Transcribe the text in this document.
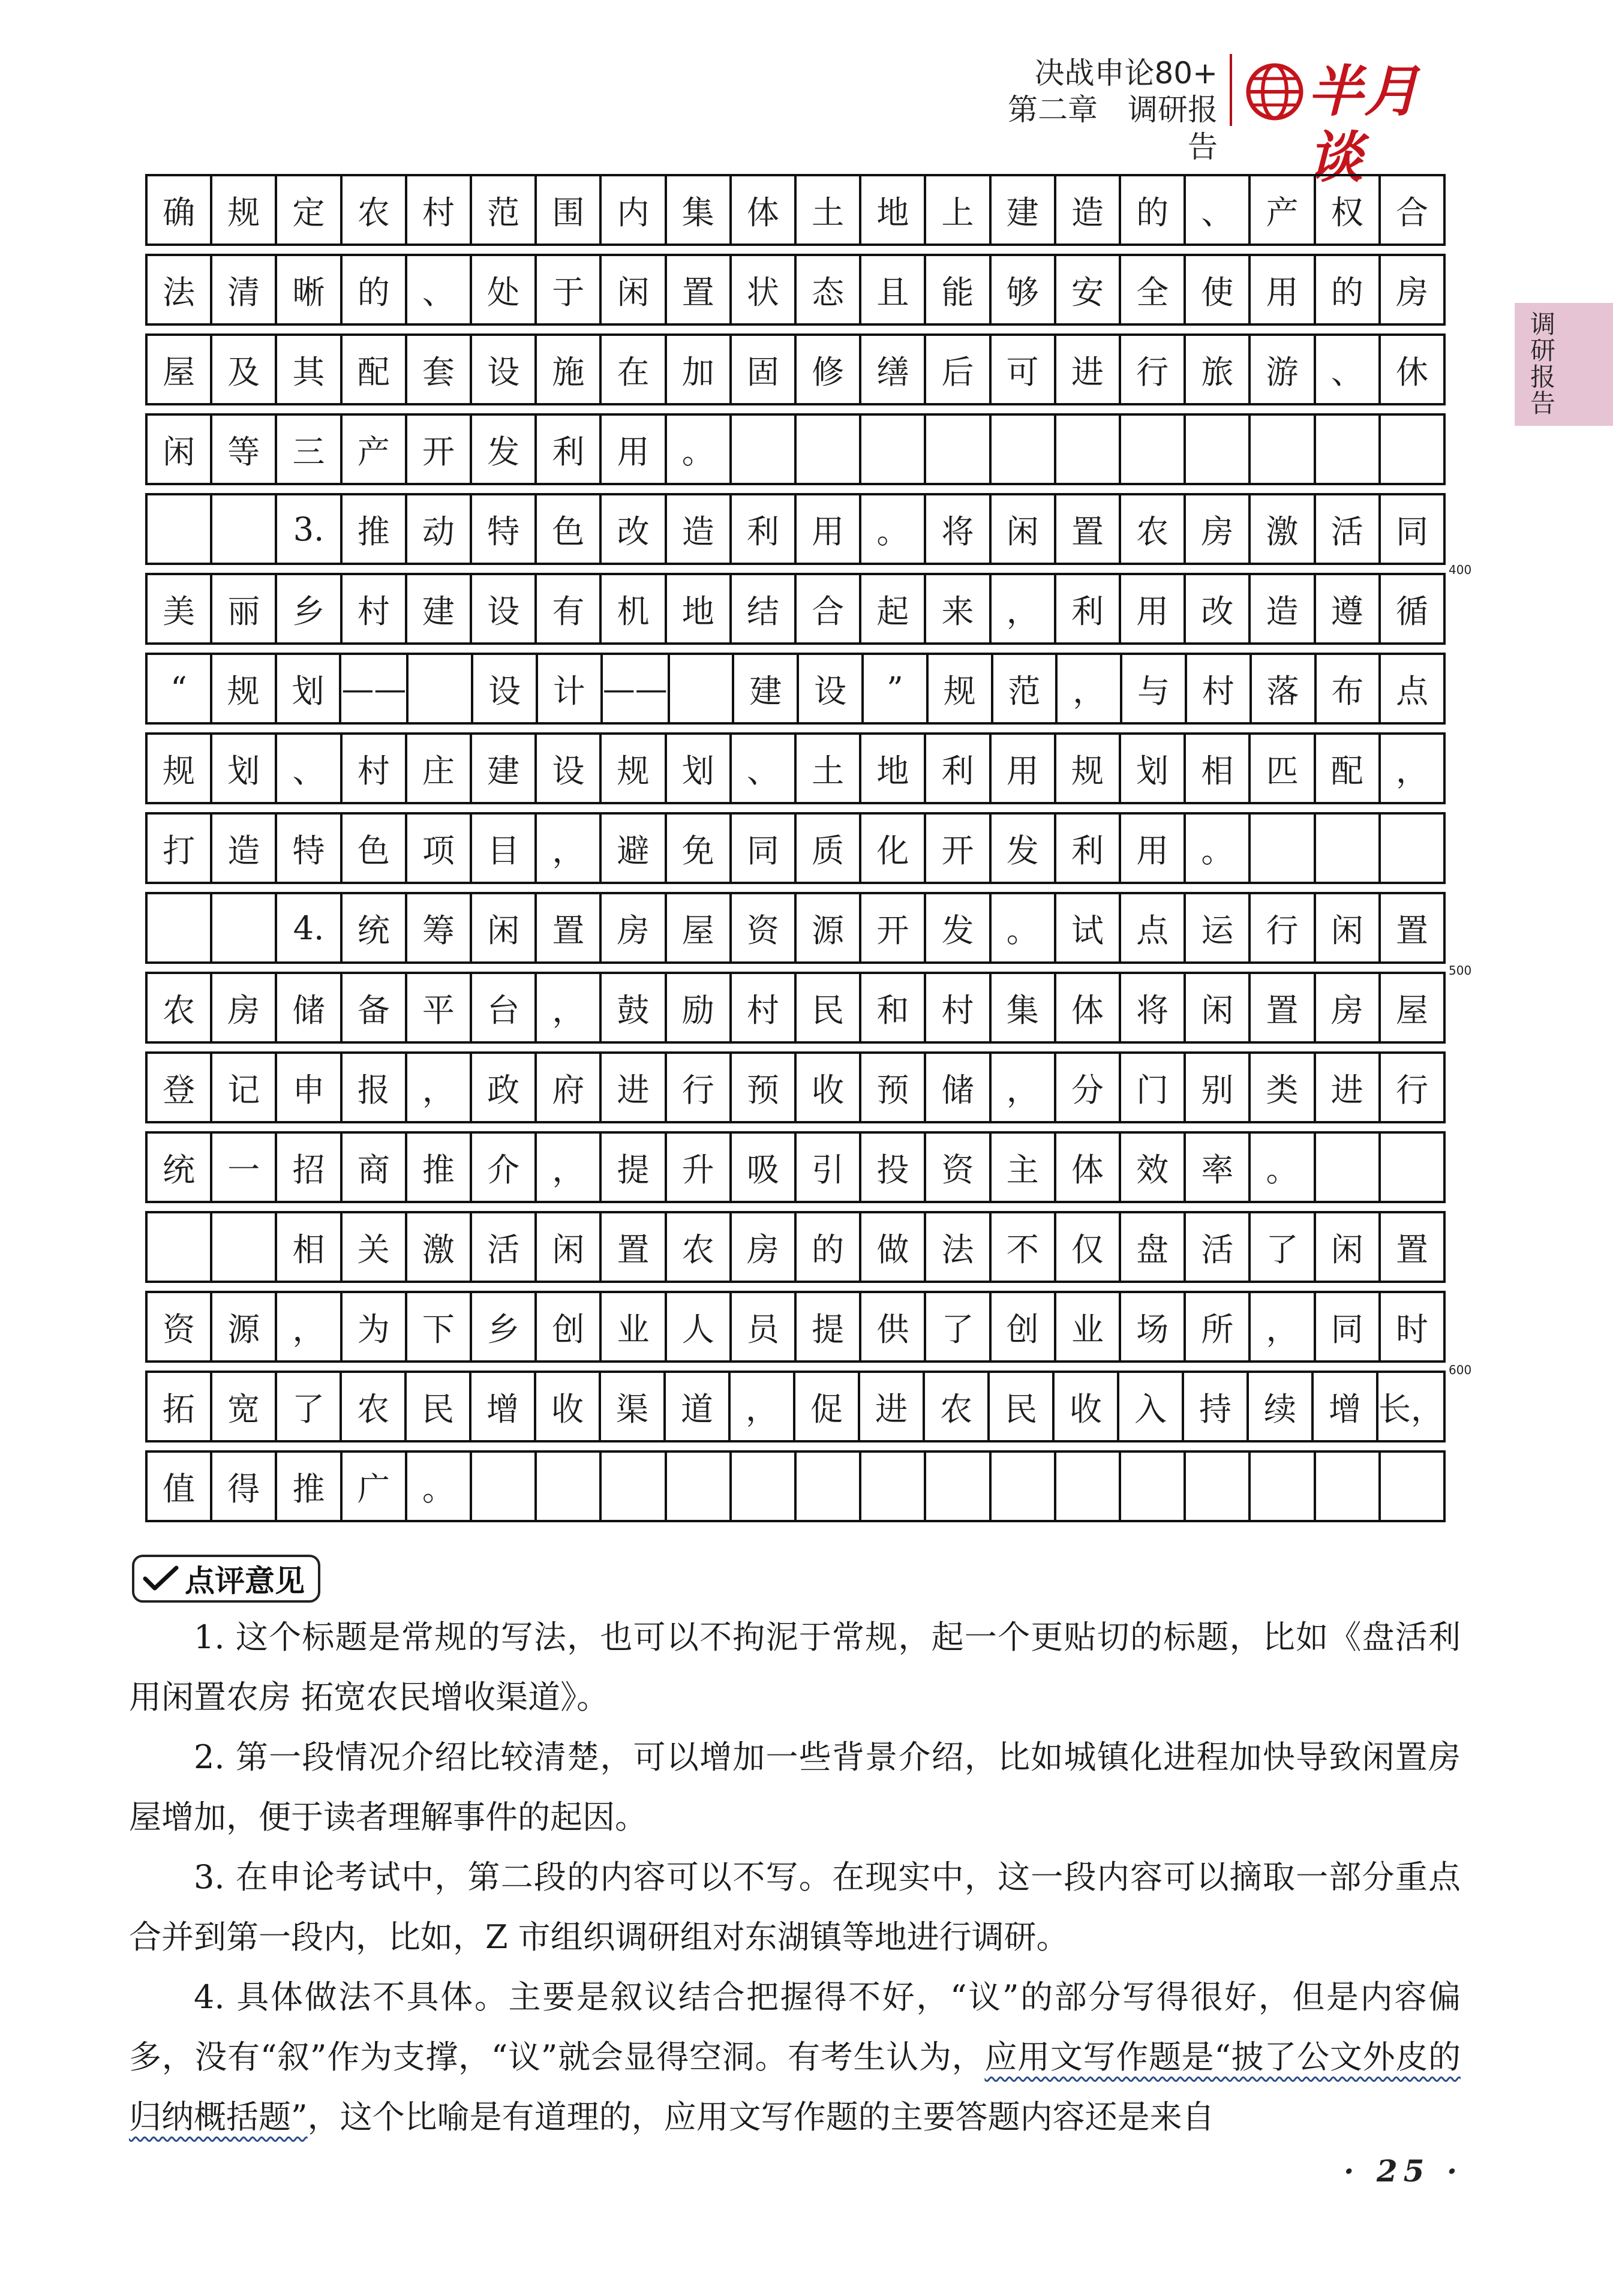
决战申论80+
第二章　调研报告
半月谈
调研报告
确	规	定	农	村	范	围	内	集	体	土	地	上	建	造	的	、	产	权	合
法	清	晰	的	、	处	于	闲	置	状	态	且	能	够	安	全	使	用	的	房
屋	及	其	配	套	设	施	在	加	固	修	缮	后	可	进	行	旅	游	、	休
闲	等	三	产	开	发	利	用	。
3.	推	动	特	色	改	造	利	用	。	将	闲	置	农	房	激	活	同
美	丽	乡	村	建	设	有	机	地	结	合	起	来	，	利	用	改	造	遵	循
“	规 划 ——	设 计 ——	建 设	”	规 范 ， 与 村 落 布 点
规	划	、	村	庄	建	设	规	划	、	土	地	利	用	规	划	相	匹	配	，
打	造	特	色	项	目	，	避	免	同	质	化	开	发	利	用	。
4.	统	筹	闲	置	房	屋	资	源	开	发	。	试	点	运	行	闲	置
农	房	储	备	平	台	，	鼓	励	村	民	和	村	集	体	将	闲	置	房	屋
登	记	申	报	，	政	府	进	行	预	收	预	储	，	分	门	别	类	进	行
统	一	招	商	推	介	，	提	升	吸	引	投	资	主	体	效	率	。
相	关	激	活	闲	置	农	房	的	做	法	不	仅	盘	活	了	闲	置
资	源	，	为	下	乡	创	业	人	员	提	供	了	创	业	场	所	，	同	时
拓	宽	了	农	民	增	收	渠	道	，	促	进	农	民	收	入	持	续	增 长，
值	得	推	广	。
400
500
600
点评意见

1. 这个标题是常规的写法，也可以不拘泥于常规，起一个更贴切的标题，比如《盘活利用闲置农房 拓宽农民增收渠道》。

2. 第一段情况介绍比较清楚，可以增加一些背景介绍，比如城镇化进程加快导致闲置房屋增加，便于读者理解事件的起因。

3. 在申论考试中，第二段的内容可以不写。在现实中，这一段内容可以摘取一部分重点合并到第一段内，比如，Z 市组织调研组对东湖镇等地进行调研。

4. 具体做法不具体。主要是叙议结合把握得不好，“议”的部分写得很好，但是内容偏多，没有“叙”作为支撑，“议”就会显得空洞。有考生认为，应用文写作题是“披了公文外皮的归纳概括题”，这个比喻是有道理的，应用文写作题的主要答题内容还是来自

· 25 ·
